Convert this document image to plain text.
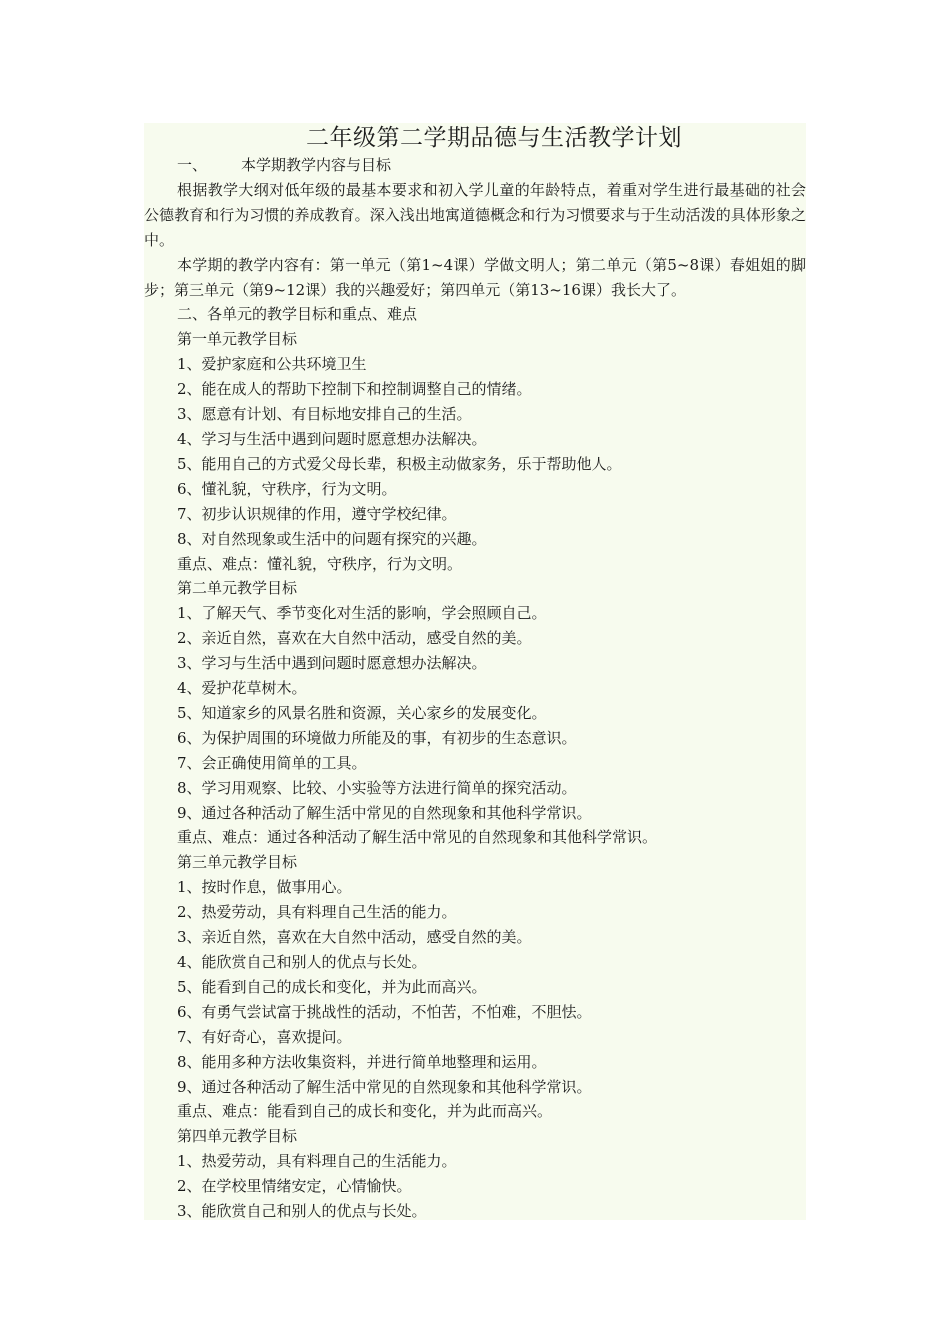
二年级第二学期品德与生活教学计划

一、 本学期教学内容与目标

根据教学大纲对低年级的最基本要求和初入学儿童的年龄特点，着重对学生进行最基础的社会公德教育和行为习惯的养成教育。深入浅出地寓道德概念和行为习惯要求与于生动活泼的具体形象之中。

本学期的教学内容有：第一单元（第1~4课）学做文明人；第二单元（第5~8课）春姐姐的脚步；第三单元（第9~12课）我的兴趣爱好；第四单元（第13~16课）我长大了。

二、各单元的教学目标和重点、难点

第一单元教学目标

1、爱护家庭和公共环境卫生

2、能在成人的帮助下控制下和控制调整自己的情绪。

3、愿意有计划、有目标地安排自己的生活。

4、学习与生活中遇到问题时愿意想办法解决。

5、能用自己的方式爱父母长辈，积极主动做家务，乐于帮助他人。

6、懂礼貌，守秩序，行为文明。

7、初步认识规律的作用，遵守学校纪律。

8、对自然现象或生活中的问题有探究的兴趣。

重点、难点：懂礼貌，守秩序，行为文明。

第二单元教学目标

1、了解天气、季节变化对生活的影响，学会照顾自己。

2、亲近自然，喜欢在大自然中活动，感受自然的美。

3、学习与生活中遇到问题时愿意想办法解决。

4、爱护花草树木。

5、知道家乡的风景名胜和资源，关心家乡的发展变化。

6、为保护周围的环境做力所能及的事，有初步的生态意识。

7、会正确使用简单的工具。

8、学习用观察、比较、小实验等方法进行简单的探究活动。

9、通过各种活动了解生活中常见的自然现象和其他科学常识。

重点、难点：通过各种活动了解生活中常见的自然现象和其他科学常识。

第三单元教学目标

1、按时作息，做事用心。

2、热爱劳动，具有料理自己生活的能力。

3、亲近自然，喜欢在大自然中活动，感受自然的美。

4、能欣赏自己和别人的优点与长处。

5、能看到自己的成长和变化，并为此而高兴。

6、有勇气尝试富于挑战性的活动，不怕苦，不怕难，不胆怯。

7、有好奇心，喜欢提问。

8、能用多种方法收集资料，并进行简单地整理和运用。

9、通过各种活动了解生活中常见的自然现象和其他科学常识。

重点、难点：能看到自己的成长和变化，并为此而高兴。

第四单元教学目标

1、热爱劳动，具有料理自己的生活能力。

2、在学校里情绪安定，心情愉快。

3、能欣赏自己和别人的优点与长处。
